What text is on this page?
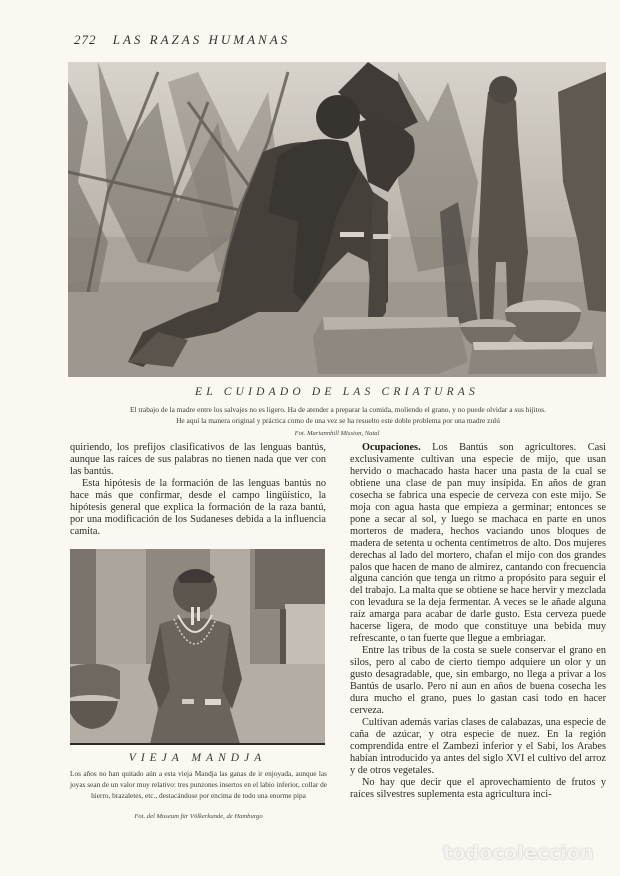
272 LAS RAZAS HUMANAS
EL CUIDADO DE LAS CRIATURAS
El trabajo de la madre entre los salvajes no es ligero. Ha de atender a preparar la comida, moliendo el grano, y no puede olvidar a sus hijitos.
He aquí la manera original y práctica como de una vez se ha resuelto este doble problema por una madre zulú
Fot. Mariannhill Mission, Natal

quiriendo, los prefijos clasificativos de las lenguas bantús, aunque las raíces de sus palabras no tienen nada que ver con las bantús.

Esta hipótesis de la formación de las lenguas bantús no hace más que confirmar, desde el campo lingüístico, la hipótesis general que explica la formación de la raza bantú, por una modificación de los Sudaneses debida a la influencia camita.

VIEJA MANDJA
Los años no han quitado aún a esta vieja Mandja las ganas de ir enjoyada, aunque las joyas sean de un valor muy relativo: tres punzones insertos en el labio inferior, collar de hierro, brazaletes, etc., destacándose por encima de todo una enorme pipa
Fot. del Museum für Völkerkunde, de Hamburgo

Ocupaciones. Los Bantús son agricultores. Casi exclusivamente cultivan una especie de mijo, que usan hervido o machacado hasta hacer una pasta de la cual se obtiene una clase de pan muy insípida. En años de gran cosecha se fabrica una especie de cerveza con este mijo. Se moja con agua hasta que empieza a germinar; entonces se pone a secar al sol, y luego se machaca en parte en unos morteros de madera, hechos vaciando unos bloques de madera de setenta u ochenta centímetros de alto. Dos mujeres derechas al lado del mortero, chafan el mijo con dos grandes palos que hacen de mano de almirez, cantando con frecuencia alguna canción que tenga un ritmo a propósito para seguir el del trabajo. La malta que se obtiene se hace hervir y mezclada con levadura se la deja fermentar. A veces se le añade alguna raíz amarga para acabar de darle gusto. Esta cerveza puede hacerse ligera, de modo que constituye una bebida muy refrescante, o tan fuerte que llegue a embriagar.

Entre las tribus de la costa se suele conservar el grano en silos, pero al cabo de cierto tiempo adquiere un olor y un gusto desagradable, que, sin embargo, no llega a privar a los Bantús de usarlo. Pero ni aun en años de buena cosecha les dura mucho el grano, pues lo gastan casi todo en hacer cerveza.

Cultivan además varias clases de calabazas, una especie de caña de azúcar, y otra especie de nuez. En la región comprendida entre el Zambezi inferior y el Sabi, los Arabes habían introducido ya antes del siglo XVI el cultivo del arroz y de otros vegetales.

No hay que decir que el aprovechamiento de frutos y raíces silvestres suplementa esta agricultura inci-

todocoleccion
